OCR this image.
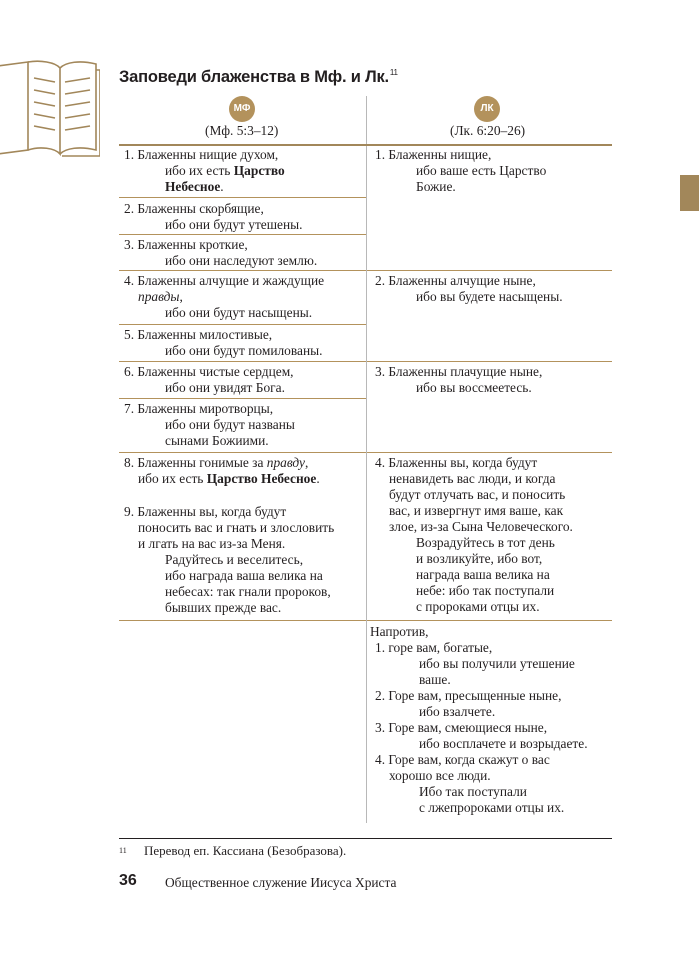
Заповеди блаженства в Мф. и Лк.$^{11}$
МФ	ЛК
(Мф. 5:3–12)	(Лк. 6:20–26)
1. Блаженны нищие духом,
ибо их есть Царство
Небесное.
2. Блаженны скорбящие,
ибо они будут утешены.
3. Блаженны кроткие,
ибо они наследуют землю.
4. Блаженны алчущие и жаждущие
правды,
ибо они будут насыщены.
5. Блаженны милостивые,
ибо они будут помилованы.
6. Блаженны чистые сердцем,
ибо они увидят Бога.
7. Блаженны миротворцы,
ибо они будут названы
сынами Божиими.
8. Блаженны гонимые за правду,
ибо их есть Царство Небесное.
9. Блаженны вы, когда будут
поносить вас и гнать и злословить
и лгать на вас из-за Меня.
Радуйтесь и веселитесь,
ибо награда ваша велика на
небесах: так гнали пророков,
бывших прежде вас.
1. Блаженны нищие,
ибо ваше есть Царство
Божие.
2. Блаженны алчущие ныне,
ибо вы будете насыщены.
3. Блаженны плачущие ныне,
ибо вы воссмеетесь.
4. Блаженны вы, когда будут
ненавидеть вас люди, и когда
будут отлучать вас, и поносить
вас, и извергнут имя ваше, как
злое, из-за Сына Человеческого.
Возрадуйтесь в тот день
и возликуйте, ибо вот,
награда ваша велика на
небе: ибо так поступали
с пророками отцы их.
Напротив,
1. горе вам, богатые,
ибо вы получили утешение
ваше.
2. Горе вам, пресыщенные ныне,
ибо взалчете.
3. Горе вам, смеющиеся ныне,
ибо восплачете и возрыдаете.
4. Горе вам, когда скажут о вас
хорошо все люди.
Ибо так поступали
с лжепророками отцы их.
11 Перевод еп. Кассиана (Безобразова).
36 Общественное служение Иисуса Христа
